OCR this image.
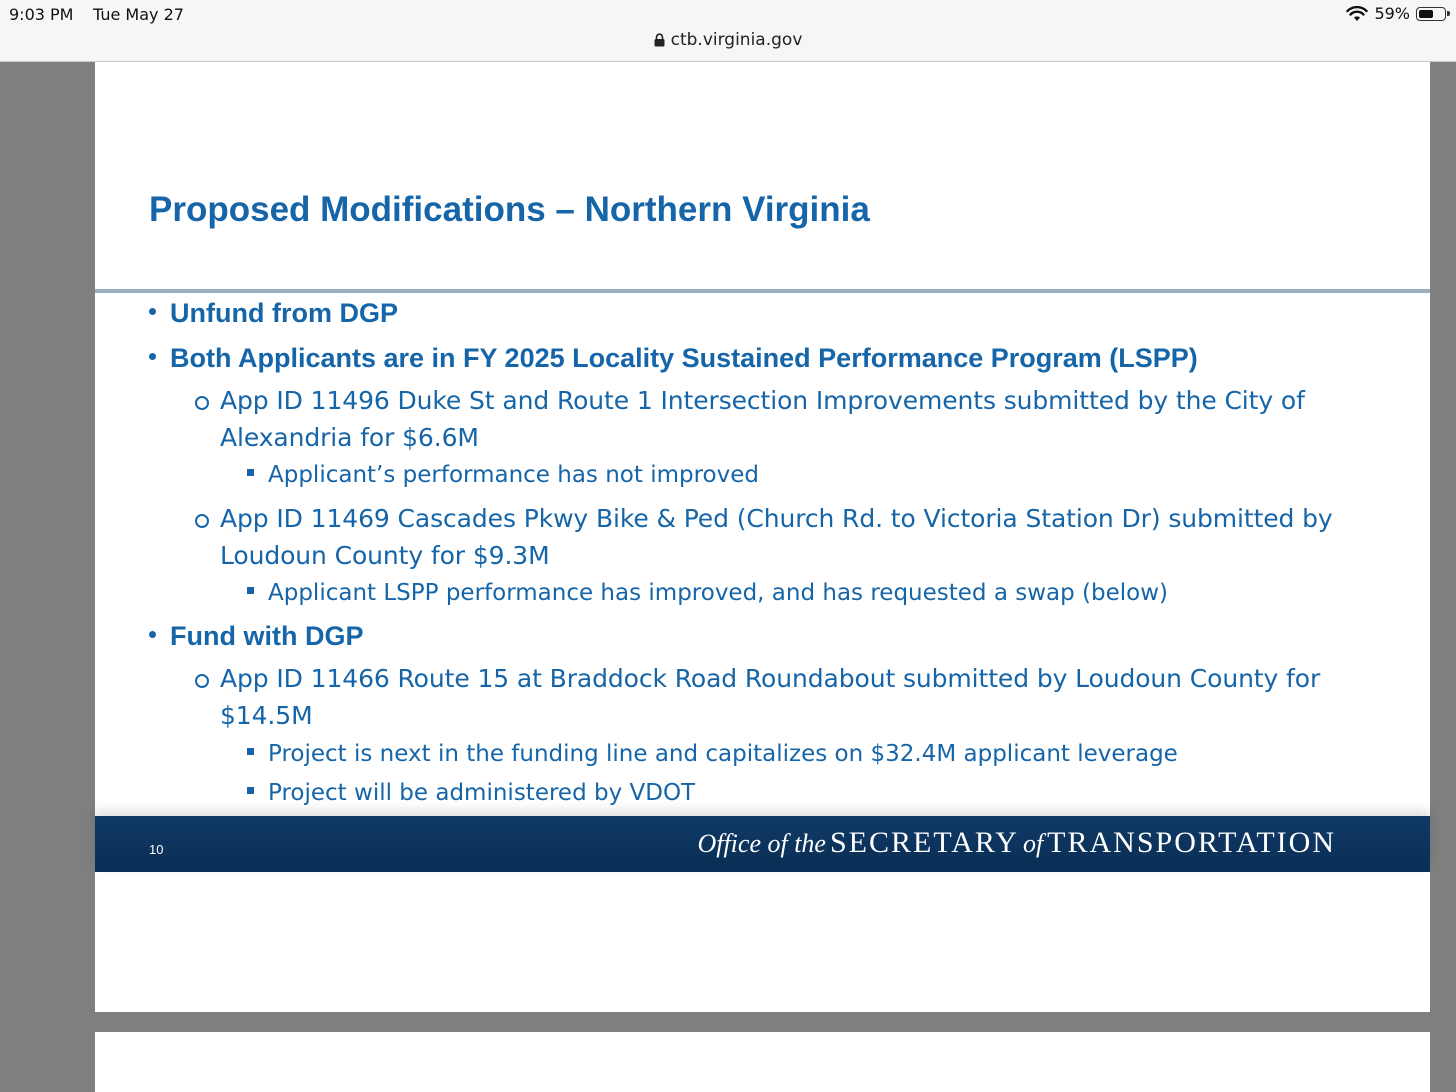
9:03 PM Tue May 27	59%
ctb.virginia.gov
Proposed Modifications – Northern Virginia
Unfund from DGP
Both Applicants are in FY 2025 Locality Sustained Performance Program (LSPP)
App ID 11496 Duke St and Route 1 Intersection Improvements submitted by the City of Alexandria for $6.6M
Applicant’s performance has not improved
App ID 11469 Cascades Pkwy Bike & Ped (Church Rd. to Victoria Station Dr) submitted by Loudoun County for $9.3M
Applicant LSPP performance has improved, and has requested a swap (below)
Fund with DGP
App ID 11466 Route 15 at Braddock Road Roundabout submitted by Loudoun County for $14.5M
Project is next in the funding line and capitalizes on $32.4M applicant leverage
Project will be administered by VDOT
10	Office of the SECRETARY of TRANSPORTATION
